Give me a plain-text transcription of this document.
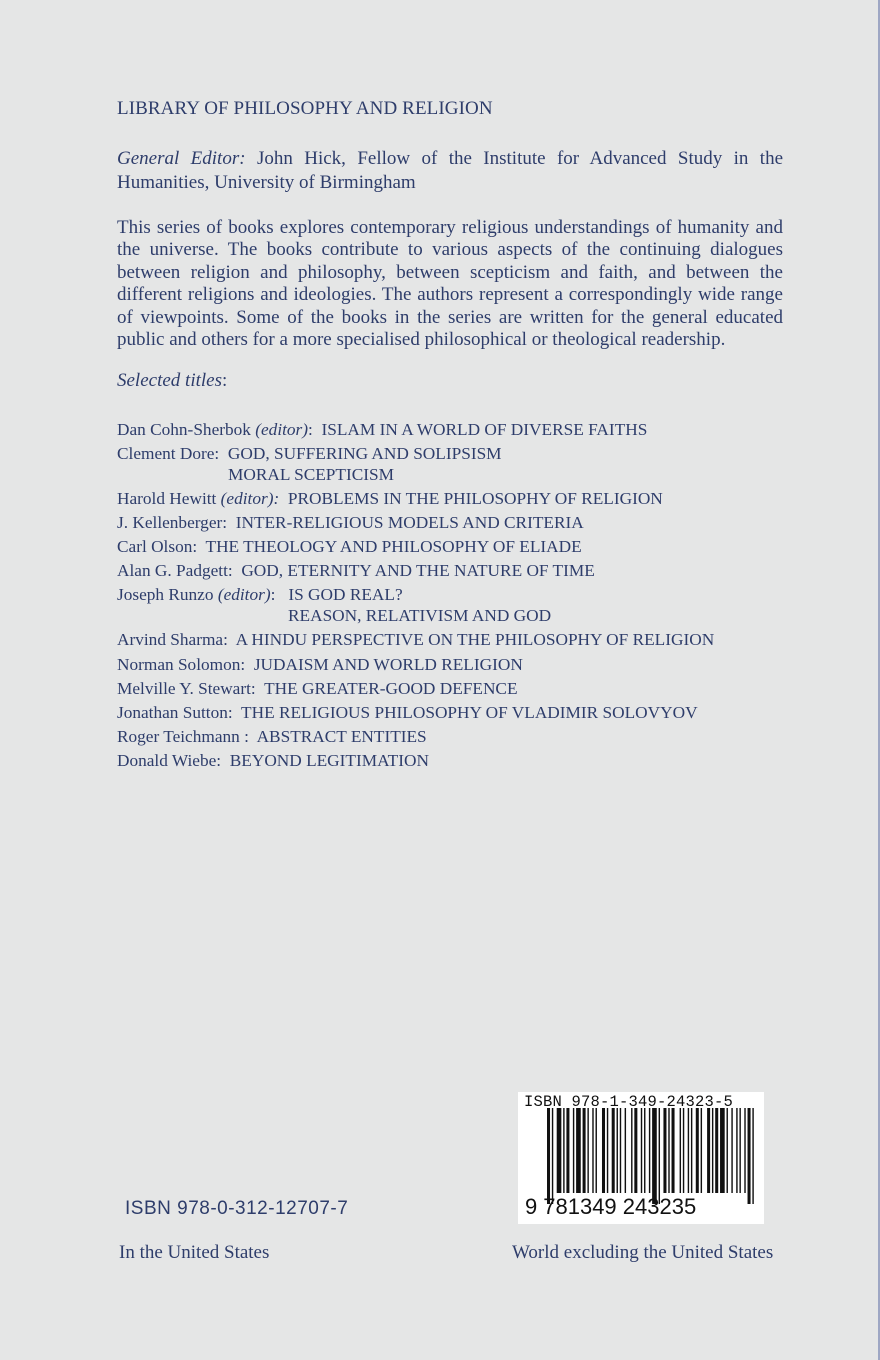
LIBRARY OF PHILOSOPHY AND RELIGION
General Editor: John Hick, Fellow of the Institute for Advanced Study in the Humanities, University of Birmingham
This series of books explores contemporary religious understandings of humanity and the universe. The books contribute to various aspects of the continuing dialogues between religion and philosophy, between scepticism and faith, and between the different religions and ideologies. The authors represent a correspondingly wide range of viewpoints. Some of the books in the series are written for the general educated public and others for a more specialised philosophical or theological readership.
Selected titles:
Dan Cohn-Sherbok (editor):  ISLAM IN A WORLD OF DIVERSE FAITHS
Clement Dore:  GOD, SUFFERING AND SOLIPSISM
MORAL SCEPTICISM
Harold Hewitt (editor): PROBLEMS IN THE PHILOSOPHY OF RELIGION
J. Kellenberger:  INTER-RELIGIOUS MODELS AND CRITERIA
Carl Olson:  THE THEOLOGY AND PHILOSOPHY OF ELIADE
Alan G. Padgett:  GOD, ETERNITY AND THE NATURE OF TIME
Joseph Runzo (editor):   IS GOD REAL?
REASON, RELATIVISM AND GOD
Arvind Sharma:  A HINDU PERSPECTIVE ON THE PHILOSOPHY OF RELIGION
Norman Solomon:  JUDAISM AND WORLD RELIGION
Melville Y. Stewart:  THE GREATER-GOOD DEFENCE
Jonathan Sutton:  THE RELIGIOUS PHILOSOPHY OF VLADIMIR SOLOVYOV
Roger Teichmann :  ABSTRACT ENTITIES
Donald Wiebe:  BEYOND LEGITIMATION
ISBN 978-1-349-24323-5
9 781349 243235
ISBN 978-0-312-12707-7
In the United States	World excluding the United States
